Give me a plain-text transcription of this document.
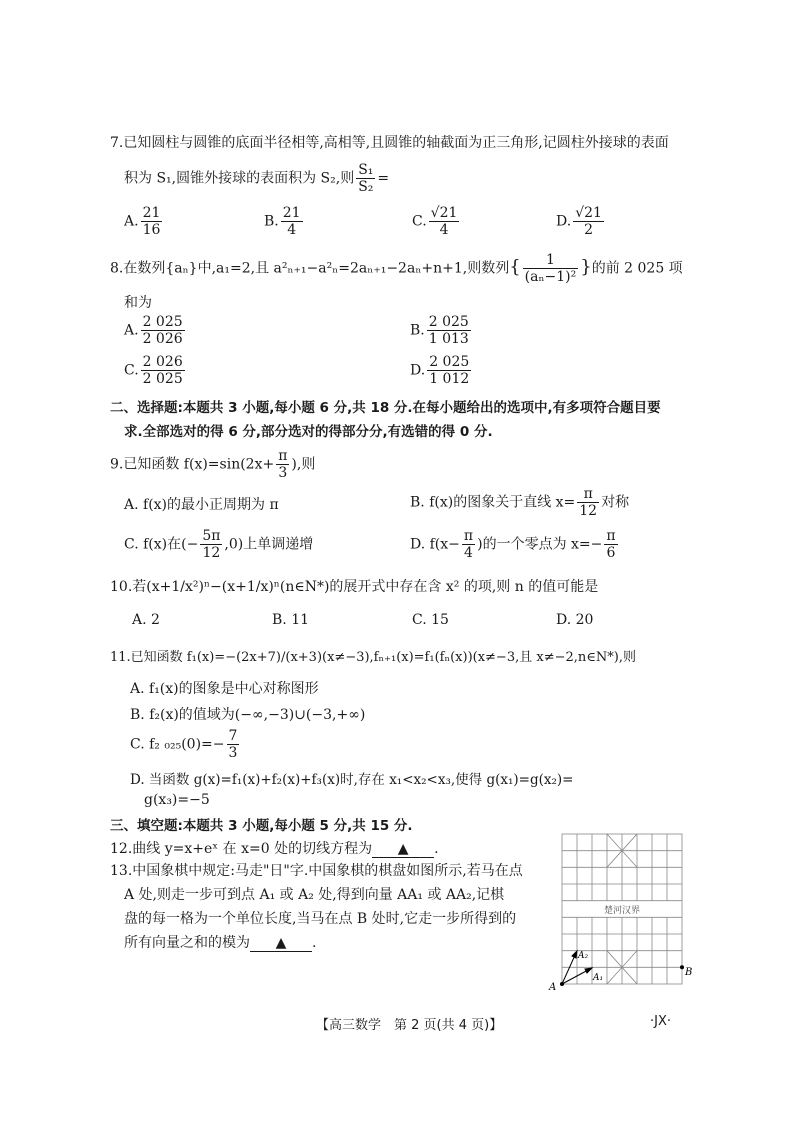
7.已知圆柱与圆锥的底面半径相等,高相等,且圆锥的轴截面为正三角形,记圆柱外接球的表面
积为 S₁,圆锥外接球的表面积为 S₂,则 $\frac{\text{S₁}}{\text{S₂}}$ =
A. $\frac{21}{16}$	B. $\frac{21}{4}$	C. $\frac{√21}{4}$	D. $\frac{√21}{2}$
8.在数列{aₙ}中,a₁=2,且 a²ₙ₊₁−a²ₙ=2aₙ₊₁−2aₙ+n+1,则数列{ $\frac{1}{\text{(aₙ−1)²}}$ }的前 2 025 项
和为
A. $\frac{2 025}{2 026}$	B. $\frac{2 025}{1 013}$
C. $\frac{2 026}{2 025}$	D. $\frac{2 025}{1 012}$
二、选择题:本题共 3 小题,每小题 6 分,共 18 分.在每小题给出的选项中,有多项符合题目要
求.全部选对的得 6 分,部分选对的得部分分,有选错的得 0 分.
9.已知函数 $f(x)=\sin(2x+ \frac{\pi}{3}$ ),则
A. f(x)的最小正周期为 π	B. f(x)的图象关于直线 $x= \frac{\pi}{12}$ 对称
C. f(x)在(− $\frac{5\pi}{12} ,0$)上单调递增	D. $f(x- \frac{\pi}{4}$ )的一个零点为 $x=- \frac{\pi}{6}$
10.若(x+1/x²)ⁿ−(x+1/x)ⁿ(n∈N*)的展开式中存在含 x² 的项,则 n 的值可能是
A. 2	B. 11	C. 15	D. 20
11.已知函数 f₁(x)=−(2x+7)/(x+3)(x≠−3),fₙ₊₁(x)=f₁(fₙ(x))(x≠−3,且 x≠−2,n∈N*),则
A. f₁(x)的图象是中心对称图形
B. f₂(x)的值域为(−∞,−3)∪(−3,+∞)
C. f₂ $_{025}(0)=- \frac{7}{3}$
D. 当函数 g(x)=f₁(x)+f₂(x)+f₃(x)时,存在 x₁<x₂<x₃,使得 g(x₁)=g(x₂)=
g(x₃)=−5
三、填空题:本题共 3 小题,每小题 5 分,共 15 分.
12.曲线 y=x+eˣ 在 x=0 处的切线方程为 ▲ .
13.中国象棋中规定:马走"日"字.中国象棋的棋盘如图所示,若马在点
A 处,则走一步可到点 A₁ 或 A₂ 处,得到向量 AA₁ 或 AA₂,记棋
盘的每一格为一个单位长度,当马在点 B 处时,它走一步所得到的
所有向量之和的模为 ▲ .
楚河汉界
A
A₁
A₂
B
【高三数学　第 2 页(共 4 页)】	·JX·
